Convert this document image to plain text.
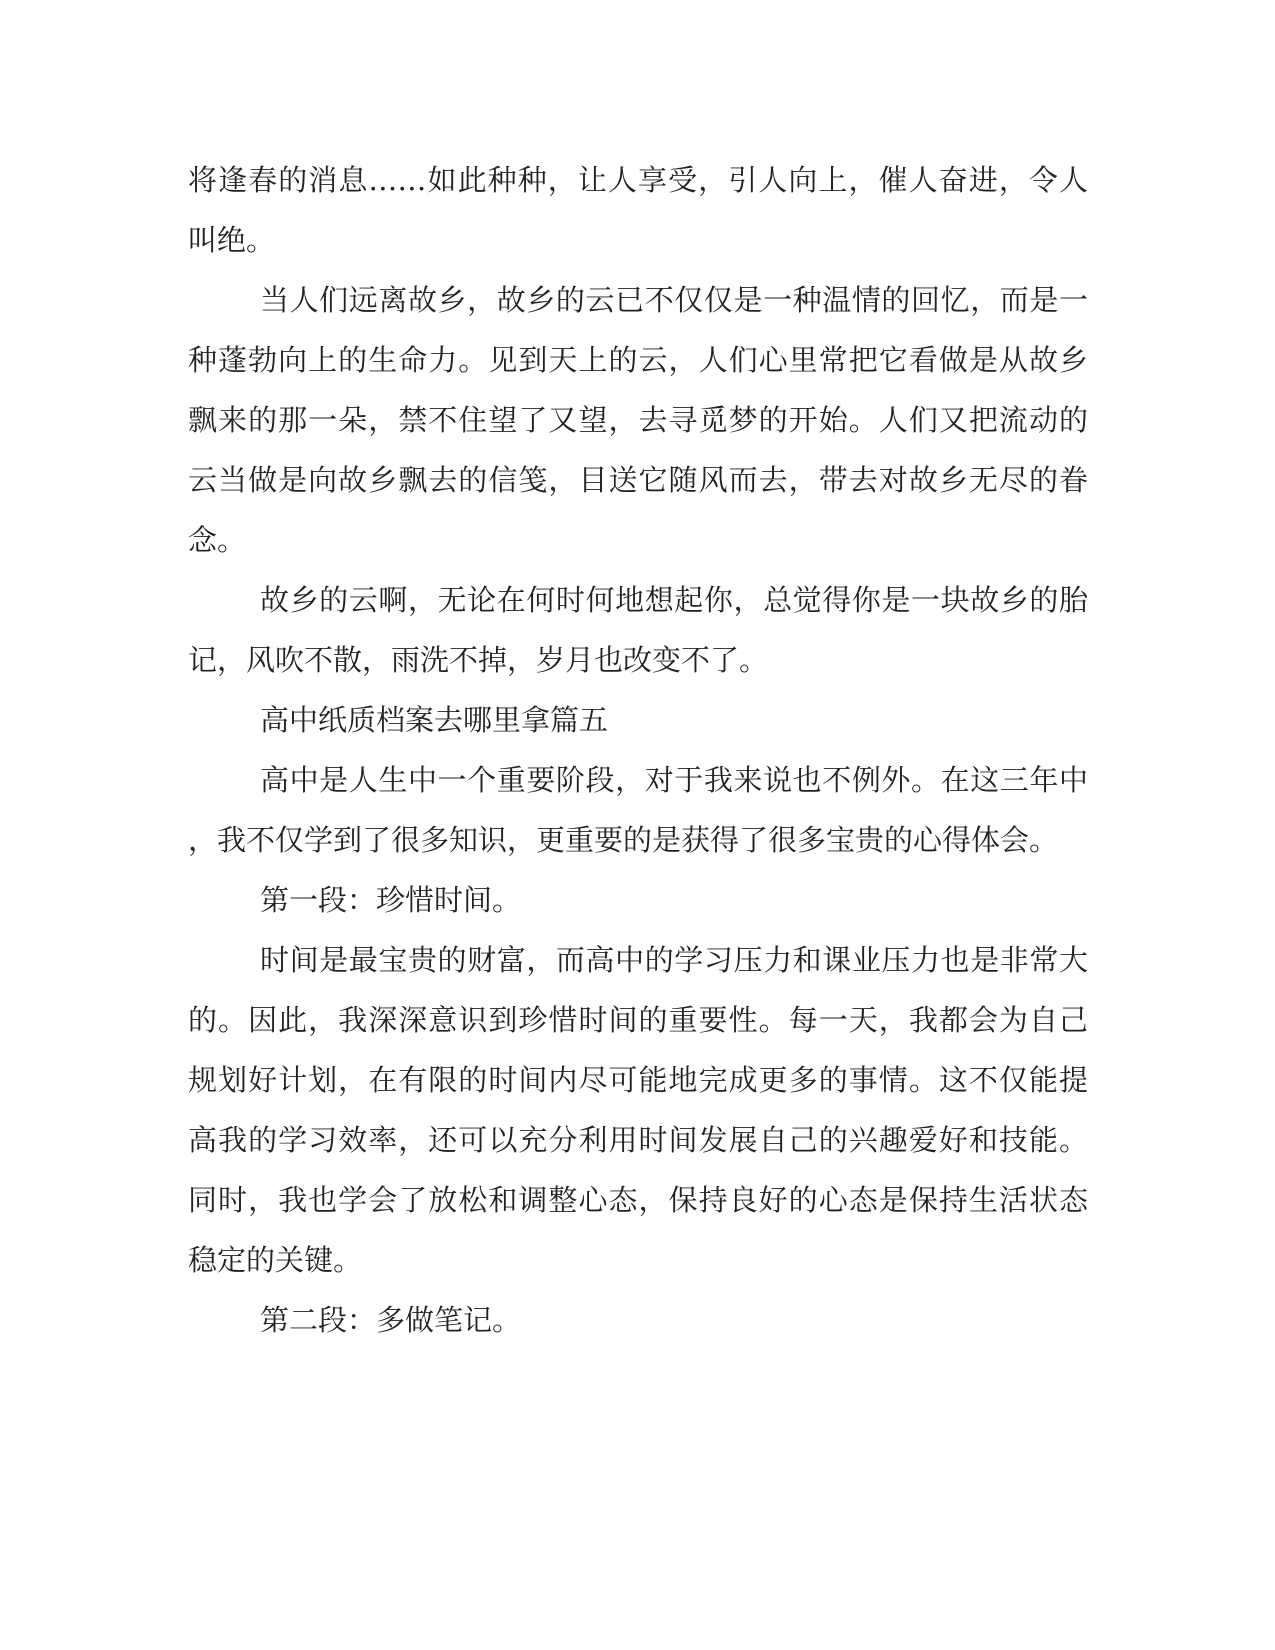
将逢春的消息……如此种种，让人享受，引人向上，催人奋进，令人
叫绝。
当人们远离故乡，故乡的云已不仅仅是一种温情的回忆，而是一
种蓬勃向上的生命力。见到天上的云，人们心里常把它看做是从故乡
飘来的那一朵，禁不住望了又望，去寻觅梦的开始。人们又把流动的
云当做是向故乡飘去的信笺，目送它随风而去，带去对故乡无尽的眷
念。
故乡的云啊，无论在何时何地想起你，总觉得你是一块故乡的胎
记，风吹不散，雨洗不掉，岁月也改变不了。
高中纸质档案去哪里拿篇五
高中是人生中一个重要阶段，对于我来说也不例外。在这三年中
，我不仅学到了很多知识，更重要的是获得了很多宝贵的心得体会。
第一段：珍惜时间。
时间是最宝贵的财富，而高中的学习压力和课业压力也是非常大
的。因此，我深深意识到珍惜时间的重要性。每一天，我都会为自己
规划好计划，在有限的时间内尽可能地完成更多的事情。这不仅能提
高我的学习效率，还可以充分利用时间发展自己的兴趣爱好和技能。
同时，我也学会了放松和调整心态，保持良好的心态是保持生活状态
稳定的关键。
第二段：多做笔记。
